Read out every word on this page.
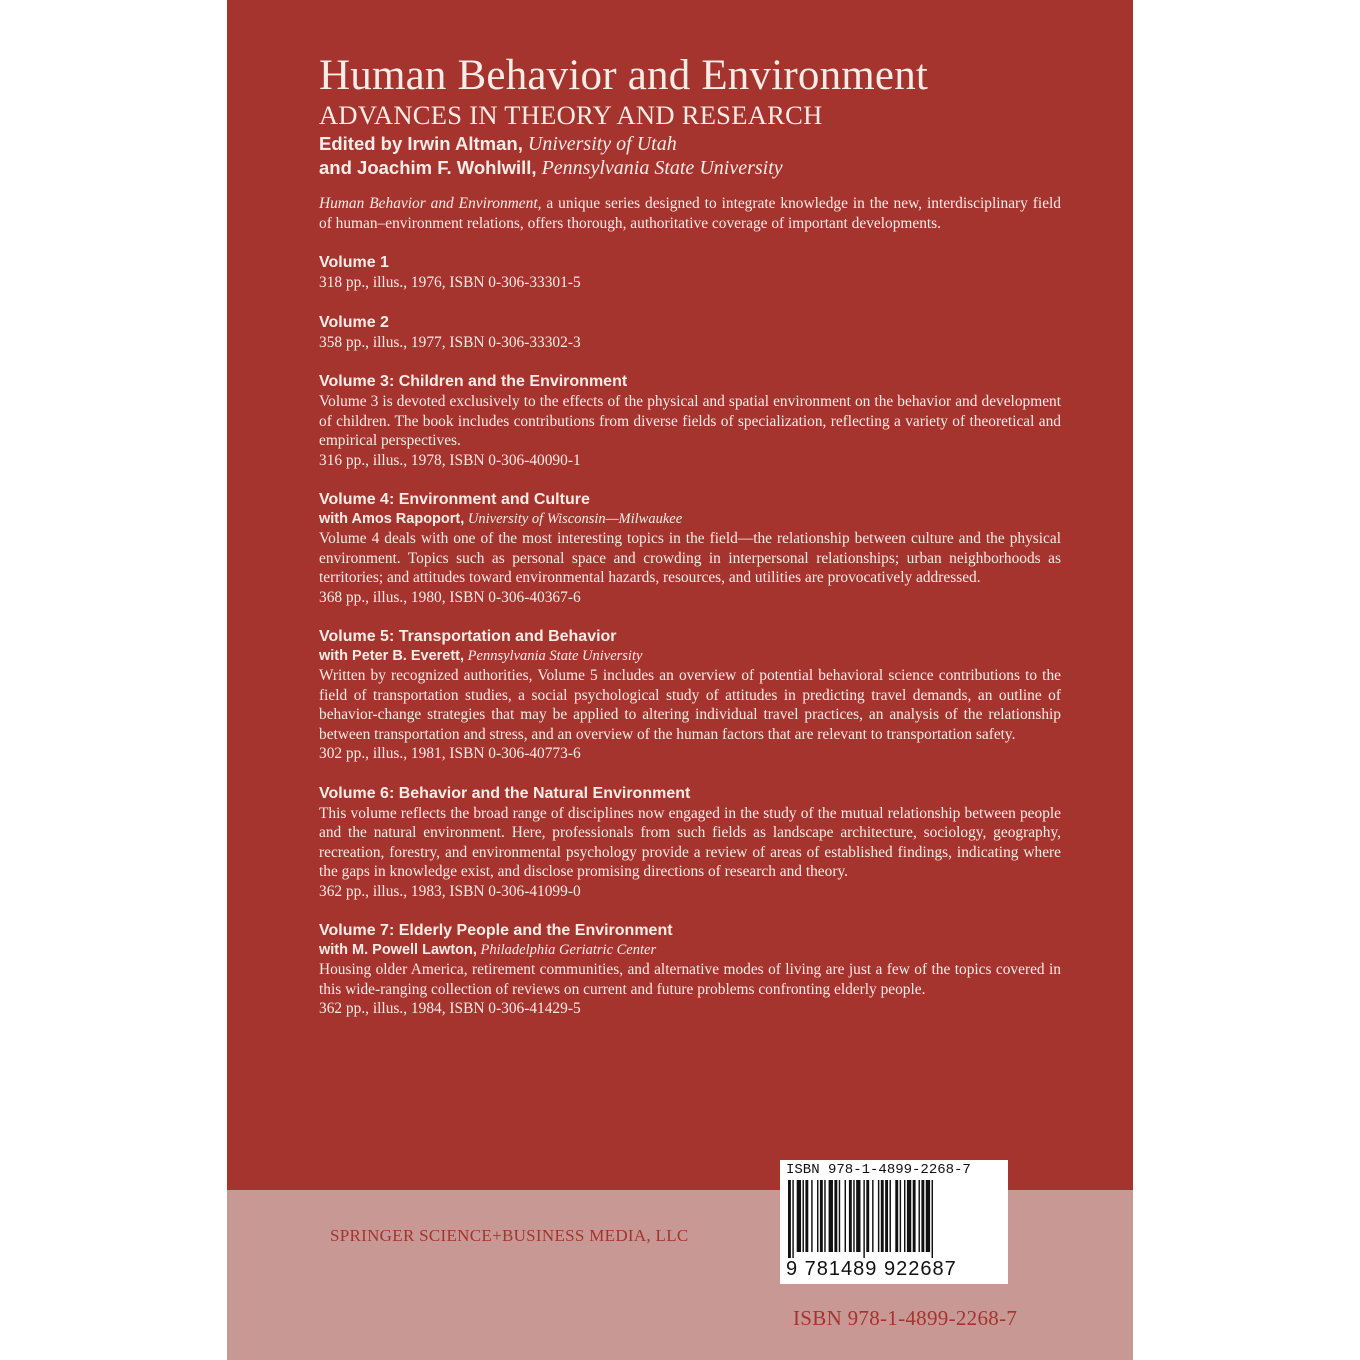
Human Behavior and Environment
ADVANCES IN THEORY AND RESEARCH
Edited by Irwin Altman, University of Utah
and Joachim F. Wohlwill, Pennsylvania State University
Human Behavior and Environment, a unique series designed to integrate knowledge in the new, interdisciplinary field of human–environment relations, offers thorough, authoritative coverage of important developments.
Volume 1
318 pp., illus., 1976, ISBN 0-306-33301-5
Volume 2
358 pp., illus., 1977, ISBN 0-306-33302-3
Volume 3: Children and the Environment
Volume 3 is devoted exclusively to the effects of the physical and spatial environment on the behavior and development of children. The book includes contributions from diverse fields of specialization, reflecting a variety of theoretical and empirical perspectives.
316 pp., illus., 1978, ISBN 0-306-40090-1
Volume 4: Environment and Culture
with Amos Rapoport, University of Wisconsin—Milwaukee
Volume 4 deals with one of the most interesting topics in the field—the relationship between culture and the physical environment. Topics such as personal space and crowding in interpersonal relationships; urban neighborhoods as territories; and attitudes toward environmental hazards, resources, and utilities are provocatively addressed.
368 pp., illus., 1980, ISBN 0-306-40367-6
Volume 5: Transportation and Behavior
with Peter B. Everett, Pennsylvania State University
Written by recognized authorities, Volume 5 includes an overview of potential behavioral science contributions to the field of transportation studies, a social psychological study of attitudes in predicting travel demands, an outline of behavior-change strategies that may be applied to altering individual travel practices, an analysis of the relationship between transportation and stress, and an overview of the human factors that are relevant to transportation safety.
302 pp., illus., 1981, ISBN 0-306-40773-6
Volume 6: Behavior and the Natural Environment
This volume reflects the broad range of disciplines now engaged in the study of the mutual relationship between people and the natural environment. Here, professionals from such fields as landscape architecture, sociology, geography, recreation, forestry, and environmental psychology provide a review of areas of established findings, indicating where the gaps in knowledge exist, and disclose promising directions of research and theory.
362 pp., illus., 1983, ISBN 0-306-41099-0
Volume 7: Elderly People and the Environment
with M. Powell Lawton, Philadelphia Geriatric Center
Housing older America, retirement communities, and alternative modes of living are just a few of the topics covered in this wide-ranging collection of reviews on current and future problems confronting elderly people.
362 pp., illus., 1984, ISBN 0-306-41429-5
SPRINGER SCIENCE+BUSINESS MEDIA, LLC
ISBN 978-1-4899-2268-7
9 781489 922687
ISBN 978-1-4899-2268-7
